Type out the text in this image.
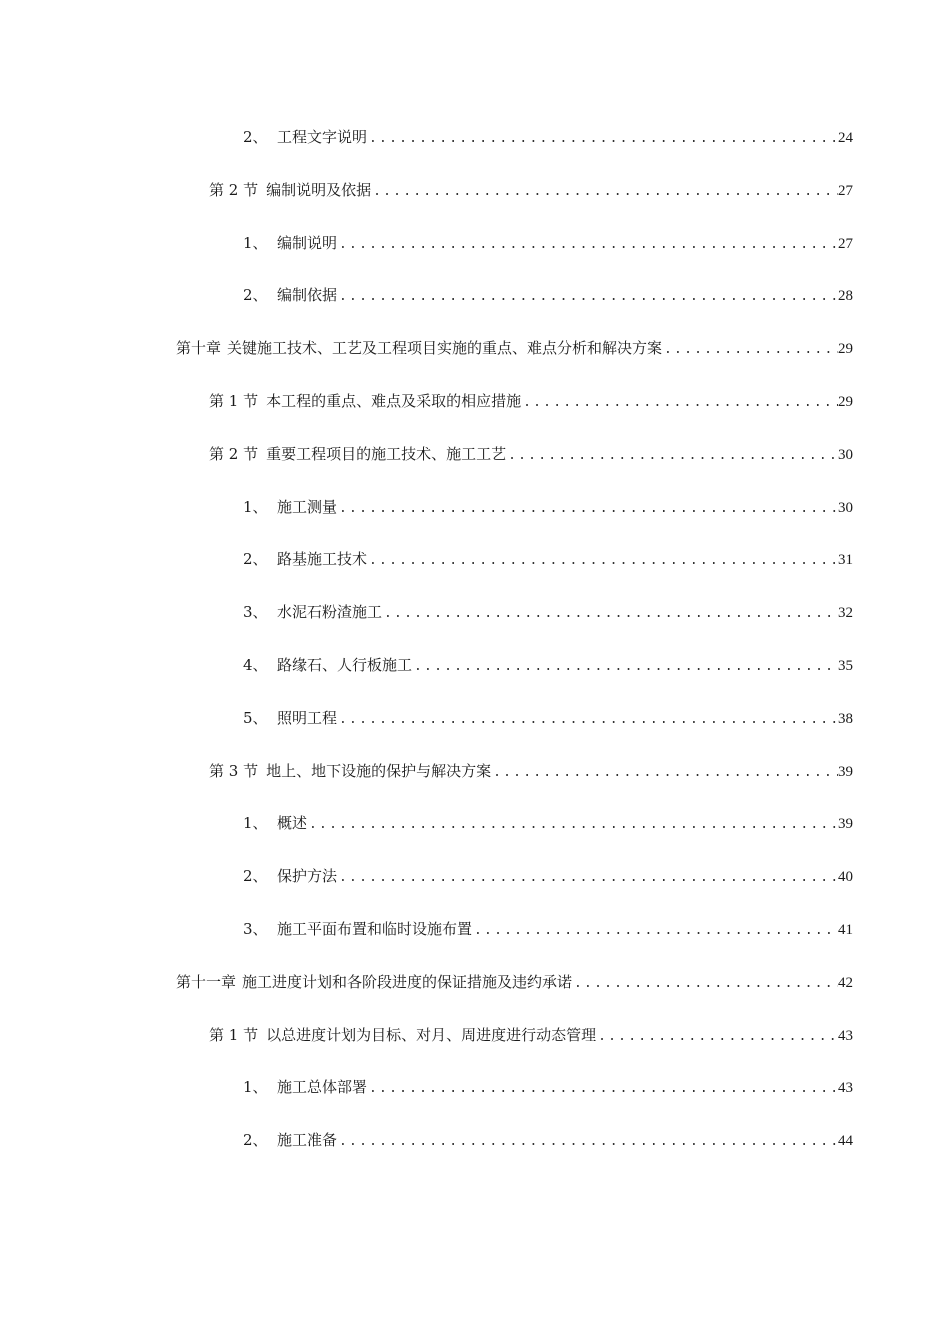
2、 工程文字说明 .....	24
第 2 节 编制说明及依据 .....	27
1、 编制说明 .....	27
2、 编制依据 .....	28
第十章 关键施工技术、工艺及工程项目实施的重点、难点分析和解决方案 .....	29
第 1 节 本工程的重点、难点及采取的相应措施 .....	29
第 2 节 重要工程项目的施工技术、施工工艺 .....	30
1、 施工测量 .....	30
2、 路基施工技术 .....	31
3、 水泥石粉渣施工 .....	32
4、 路缘石、人行板施工 .....	35
5、 照明工程 .....	38
第 3 节 地上、地下设施的保护与解决方案 .....	39
1、 概述 .....	39
2、 保护方法 .....	40
3、 施工平面布置和临时设施布置 .....	41
第十一章 施工进度计划和各阶段进度的保证措施及违约承诺 .....	42
第 1 节 以总进度计划为目标、对月、周进度进行动态管理 .....	43
1、 施工总体部署 .....	43
2、 施工准备 .....	44
